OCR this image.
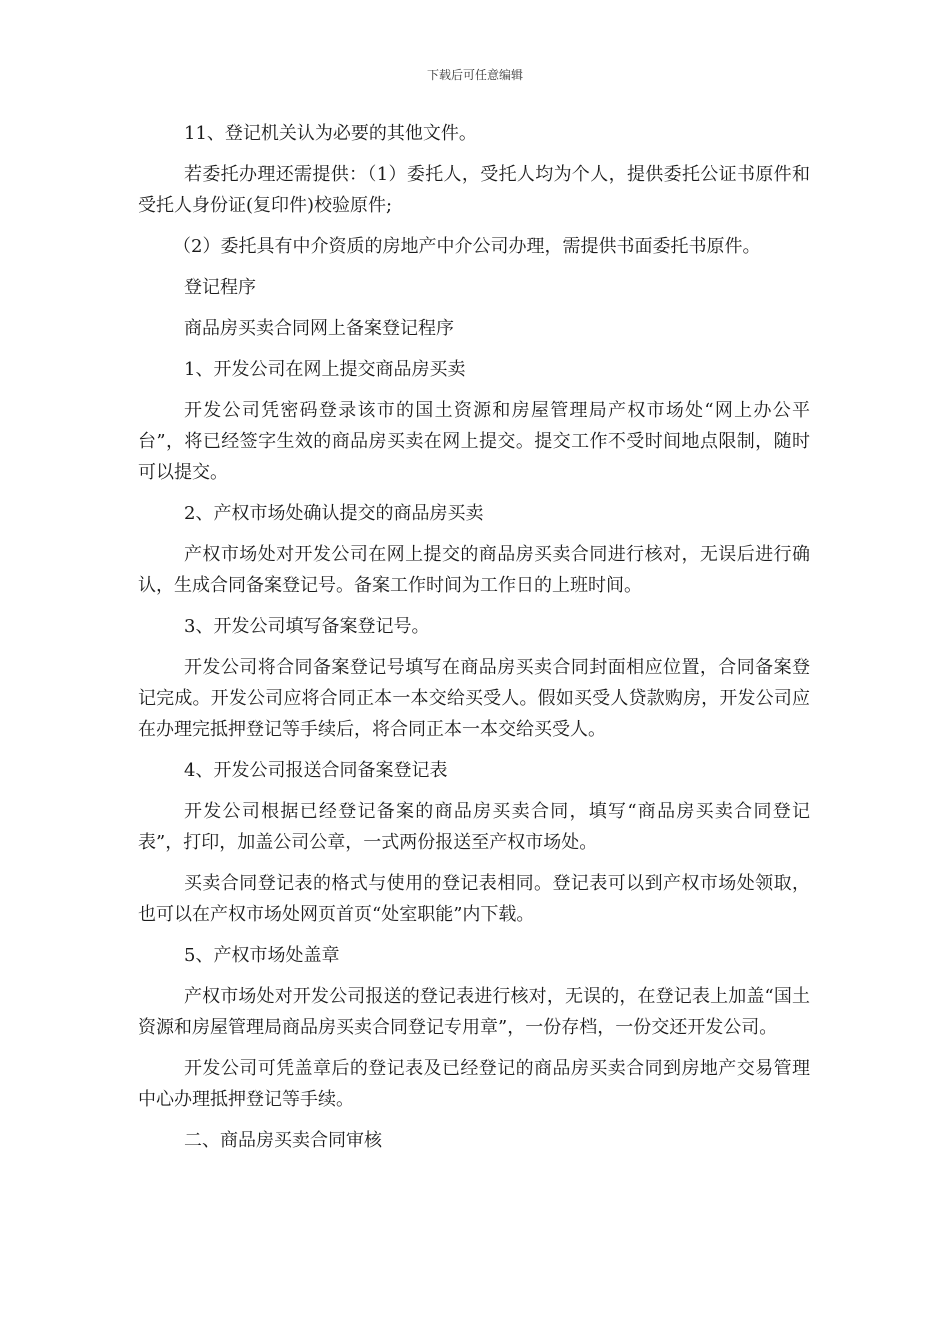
下载后可任意编辑

11、登记机关认为必要的其他文件。

若委托办理还需提供：（1）委托人，受托人均为个人，提供委托公证书原件和受托人身份证(复印件)校验原件;

（2）委托具有中介资质的房地产中介公司办理，需提供书面委托书原件。

登记程序

商品房买卖合同网上备案登记程序

1、开发公司在网上提交商品房买卖

开发公司凭密码登录该市的国土资源和房屋管理局产权市场处“网上办公平台”，将已经签字生效的商品房买卖在网上提交。提交工作不受时间地点限制，随时可以提交。

2、产权市场处确认提交的商品房买卖

产权市场处对开发公司在网上提交的商品房买卖合同进行核对，无误后进行确认，生成合同备案登记号。备案工作时间为工作日的上班时间。

3、开发公司填写备案登记号。

开发公司将合同备案登记号填写在商品房买卖合同封面相应位置，合同备案登记完成。开发公司应将合同正本一本交给买受人。假如买受人贷款购房，开发公司应在办理完抵押登记等手续后，将合同正本一本交给买受人。

4、开发公司报送合同备案登记表

开发公司根据已经登记备案的商品房买卖合同，填写“商品房买卖合同登记表”，打印，加盖公司公章，一式两份报送至产权市场处。

买卖合同登记表的格式与使用的登记表相同。登记表可以到产权市场处领取，也可以在产权市场处网页首页“处室职能”内下载。

5、产权市场处盖章

产权市场处对开发公司报送的登记表进行核对，无误的，在登记表上加盖“国土资源和房屋管理局商品房买卖合同登记专用章”，一份存档，一份交还开发公司。

开发公司可凭盖章后的登记表及已经登记的商品房买卖合同到房地产交易管理中心办理抵押登记等手续。

二、商品房买卖合同审核
